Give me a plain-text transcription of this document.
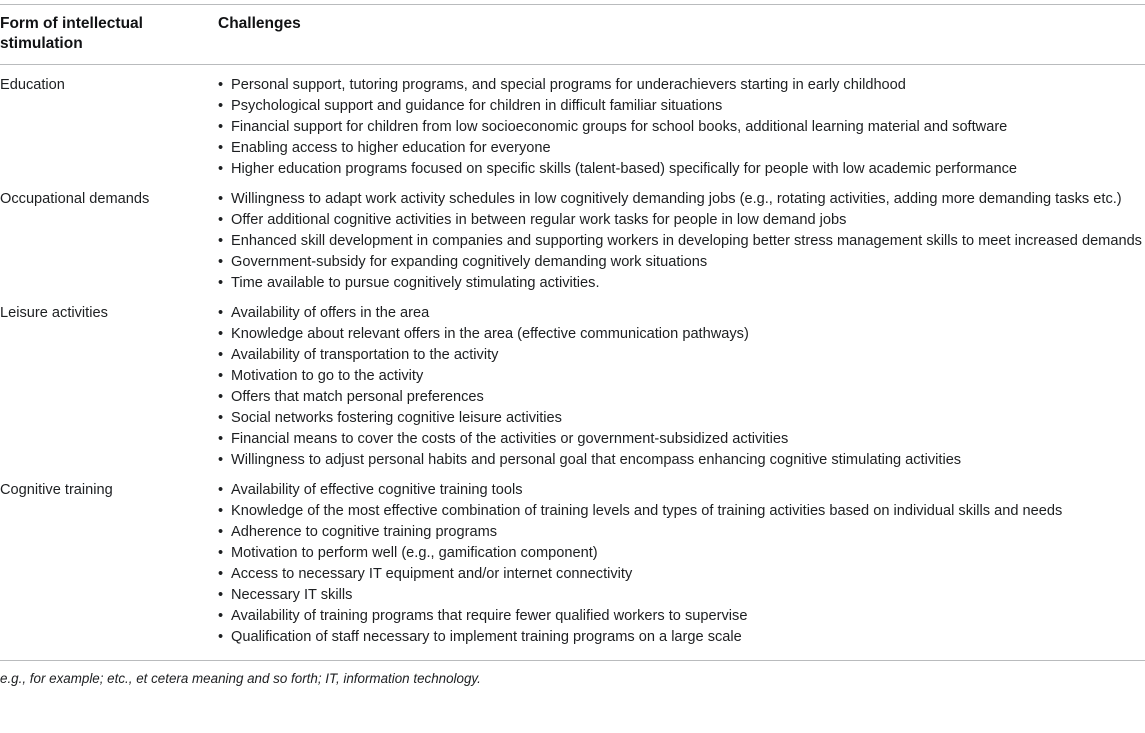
Form of intellectual stimulation
Challenges
Education	• Personal support, tutoring programs, and special programs for underachievers starting in early childhood
• Psychological support and guidance for children in difficult familiar situations
• Financial support for children from low socioeconomic groups for school books, additional learning material and software
• Enabling access to higher education for everyone
• Higher education programs focused on specific skills (talent-based) specifically for people with low academic performance
Occupational demands	• Willingness to adapt work activity schedules in low cognitively demanding jobs (e.g., rotating activities, adding more demanding tasks etc.)
• Offer additional cognitive activities in between regular work tasks for people in low demand jobs
• Enhanced skill development in companies and supporting workers in developing better stress management skills to meet increased demands
• Government-subsidy for expanding cognitively demanding work situations
• Time available to pursue cognitively stimulating activities.
Leisure activities	• Availability of offers in the area
• Knowledge about relevant offers in the area (effective communication pathways)
• Availability of transportation to the activity
• Motivation to go to the activity
• Offers that match personal preferences
• Social networks fostering cognitive leisure activities
• Financial means to cover the costs of the activities or government-subsidized activities
• Willingness to adjust personal habits and personal goal that encompass enhancing cognitive stimulating activities
Cognitive training	• Availability of effective cognitive training tools
• Knowledge of the most effective combination of training levels and types of training activities based on individual skills and needs
• Adherence to cognitive training programs
• Motivation to perform well (e.g., gamification component)
• Access to necessary IT equipment and/or internet connectivity
• Necessary IT skills
• Availability of training programs that require fewer qualified workers to supervise
• Qualification of staff necessary to implement training programs on a large scale
e.g., for example; etc., et cetera meaning and so forth; IT, information technology.
